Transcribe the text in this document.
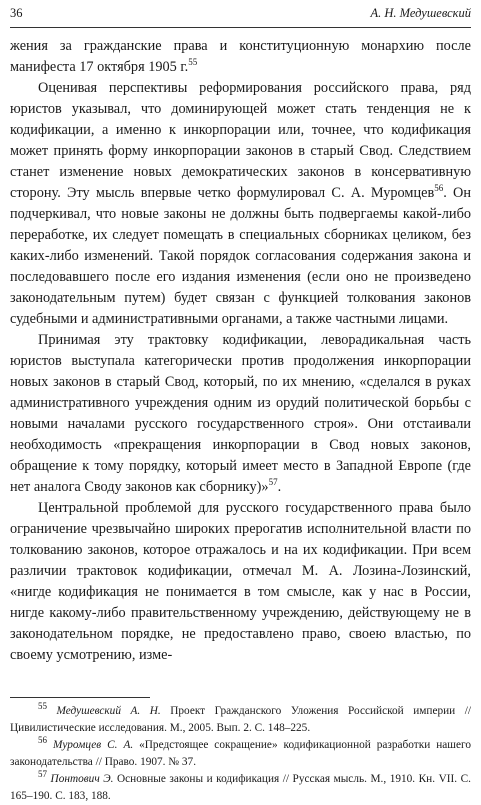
36	А. Н. Медушевский

жения за гражданские права и конституционную монархию после манифеста 17 октября 1905 г.$^{55}$

Оценивая перспективы реформирования российского права, ряд юристов указывал, что доминирующей может стать тенденция не к кодификации, а именно к инкорпорации или, точнее, что кодификация может принять форму инкорпорации законов в старый Свод. Следствием станет изменение новых демократических законов в консервативную сторону. Эту мысль впервые четко формулировал С. А. Муромцев$^{56}$. Он подчеркивал, что новые законы не должны быть подвергаемы какой-либо переработке, их следует помещать в специальных сборниках целиком, без каких-либо изменений. Такой порядок согласования содержания закона и последовавшего после его издания изменения (если оно не произведено законодательным путем) будет связан с функцией толкования законов судебными и административными органами, а также частными лицами.

Принимая эту трактовку кодификации, леворадикальная часть юристов выступала категорически против продолжения инкорпорации новых законов в старый Свод, который, по их мнению, «сделался в руках административного учреждения одним из орудий политической борьбы с новыми началами русского государственного строя». Они отстаивали необходимость «прекращения инкорпорации в Свод новых законов, обращение к тому порядку, который имеет место в Западной Европе (где нет аналога Своду законов как сборнику)»$^{57}$.

Центральной проблемой для русского государственного права было ограничение чрезвычайно широких прерогатив исполнительной власти по толкованию законов, которое отражалось и на их кодификации. При всем различии трактовок кодификации, отмечал М. А. Лозина-Лозинский, «нигде кодификация не понимается в том смысле, как у нас в России, нигде какому-либо правительственному учреждению, действующему не в законодательном порядке, не предоставлено право, своею властью, по своему усмотрению, изме-

$^{55}$ Медушевский А. Н. Проект Гражданского Уложения Российской империи // Цивилистические исследования. М., 2005. Вып. 2. С. 148–225.

$^{56}$ Муромцев С. А. «Предстоящее сокращение» кодификационной разработки нашего законодательства // Право. 1907. № 37.

$^{57}$ Понтович Э. Основные законы и кодификация // Русская мысль. М., 1910. Кн. VII. С. 165–190. С. 183, 188.
